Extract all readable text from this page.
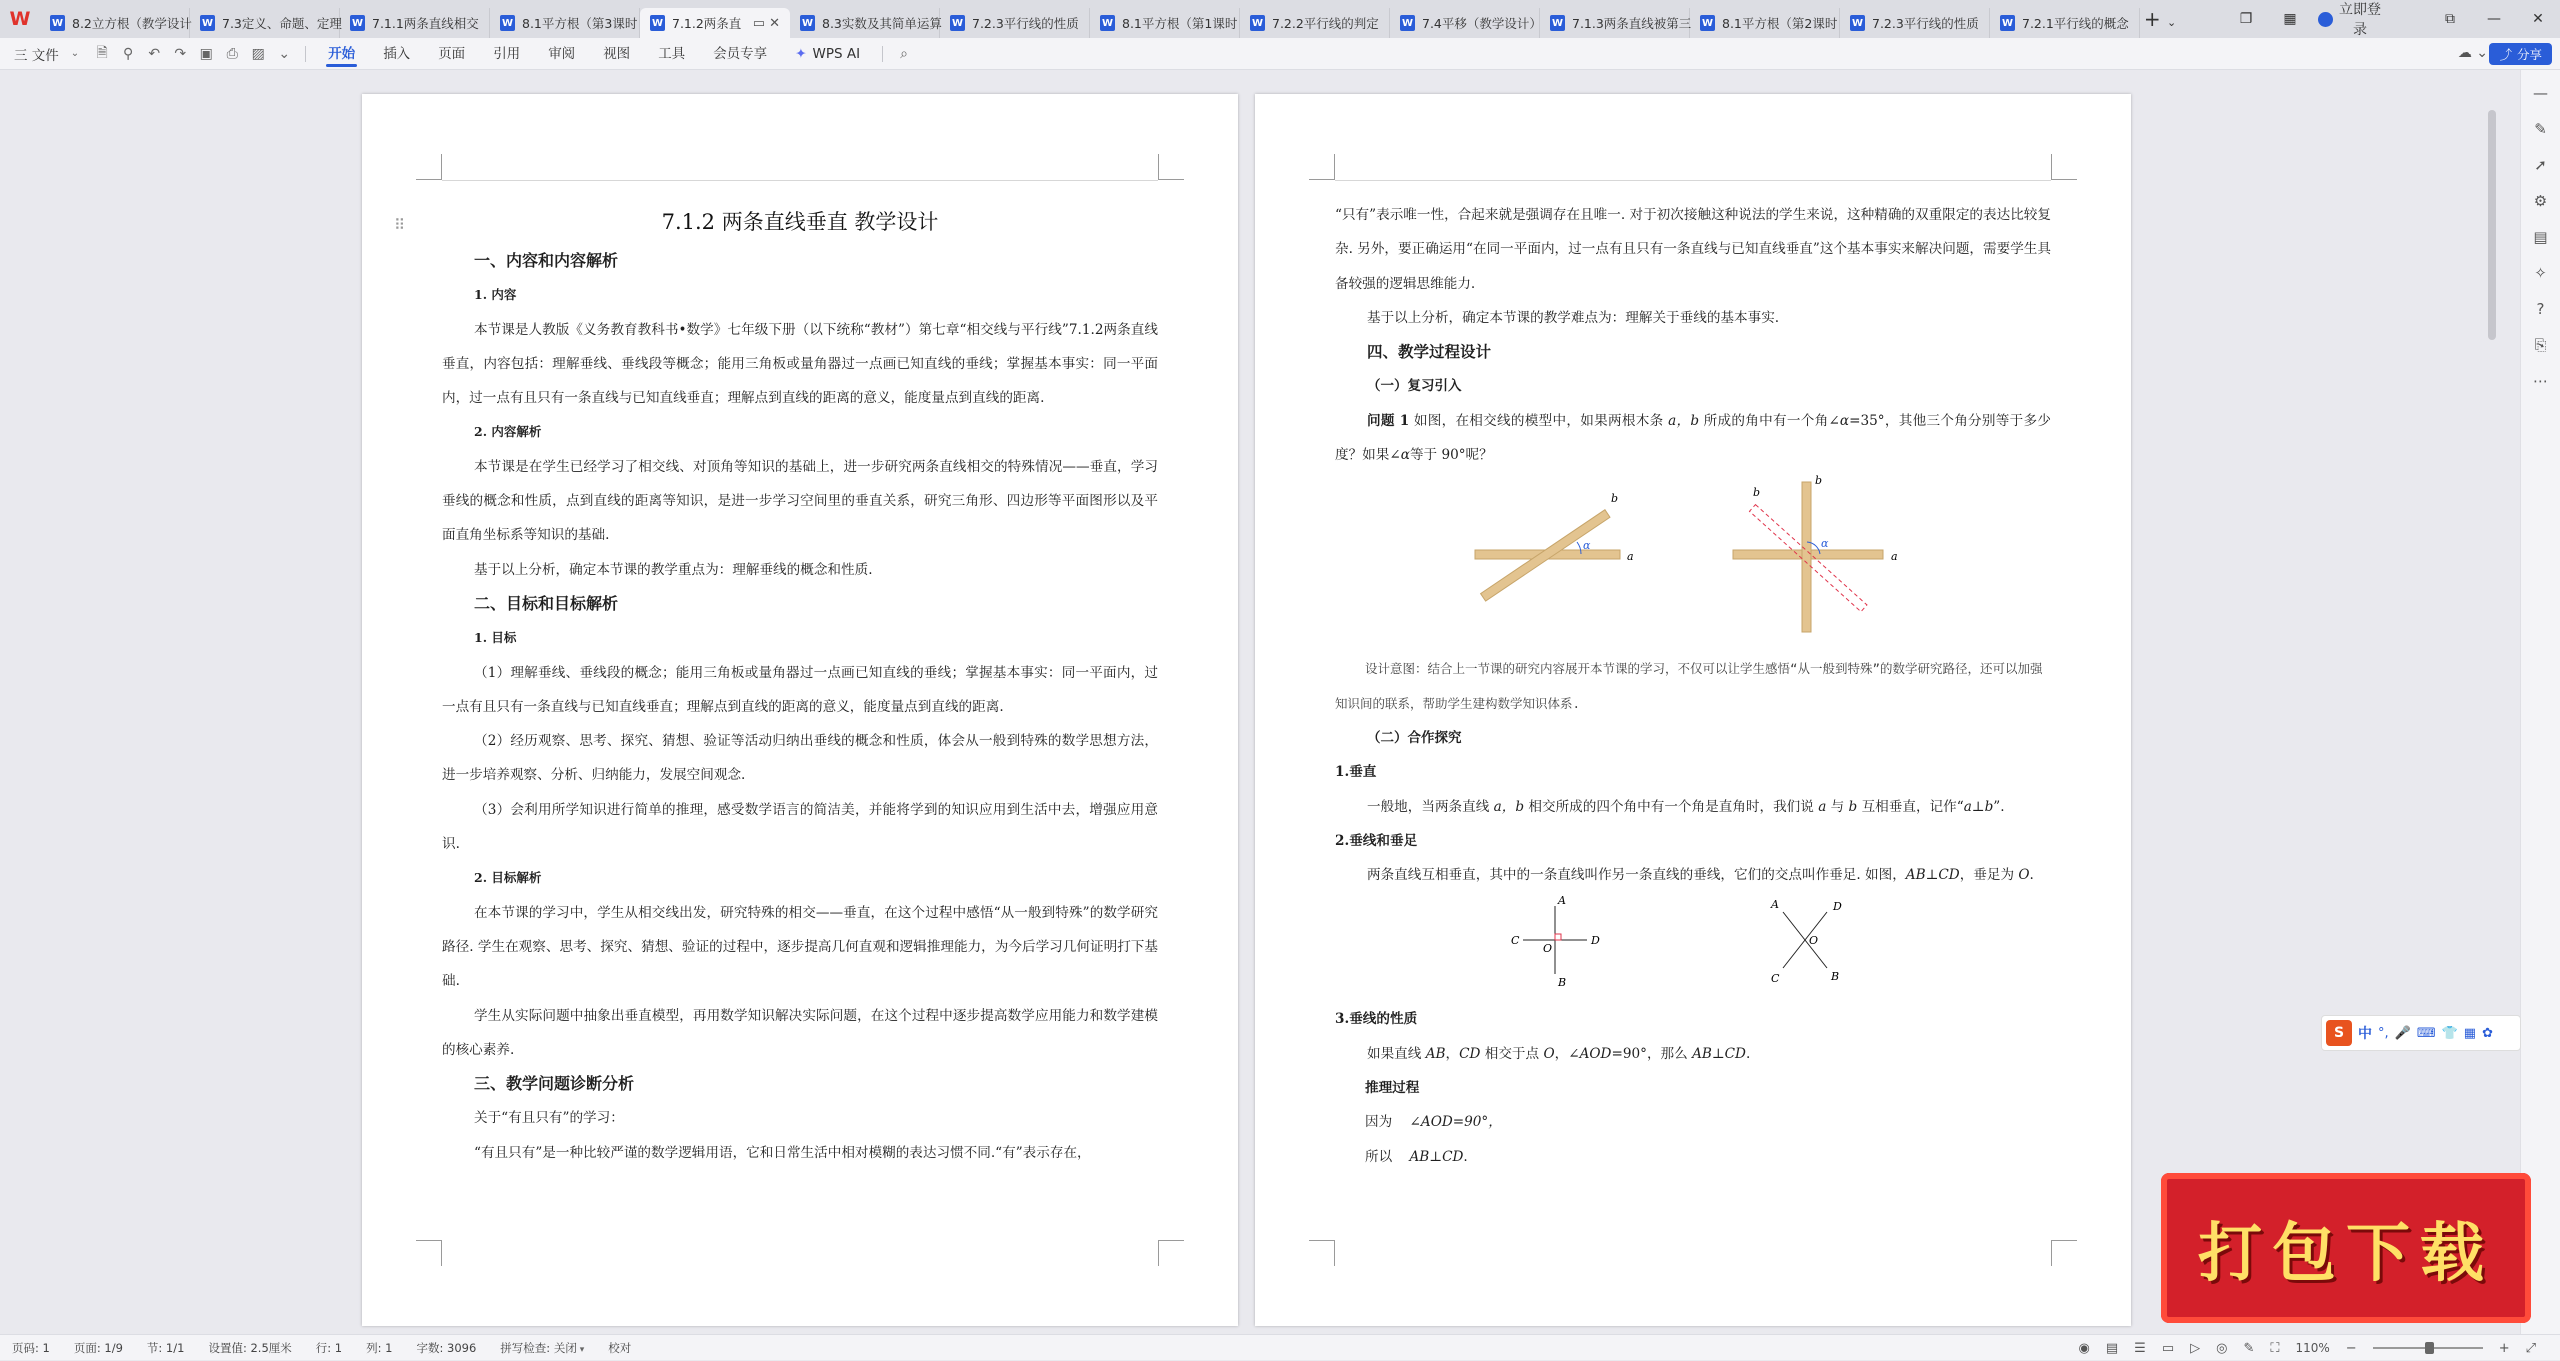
W	W 8.2立方根（教学设计 W 7.3定义、命题、定理 W 7.1.1两条直线相交 W 8.1平方根（第3课时 W 7.1.2两条直 ▭ ✕ W 8.3实数及其简单运算 W 7.2.3平行线的性质 W 8.1平方根（第1课时 W 7.2.2平行线的判定 W 7.4平移（教学设计） W 7.1.3两条直线被第三 W 8.1平方根（第2课时 W 7.2.3平行线的性质 W 7.2.1平行线的概念 + ⌄	❐	▦
立即登录
⧉	—	✕
三 文件 ⌄	🗎	⚲	↶	↷ ▣ ⎙ ▨ ⌄	开始	插入	页面	引用	审阅	视图	工具	会员专享	✦ WPS AI	⌕	☁ ⌄ ⤴ 分享
⠿	7.1.2 两条直线垂直 教学设计
一、内容和内容解析
1. 内容
本节课是人教版《义务教育教科书•数学》七年级下册（以下统称“教材”）第七章“相交线与平行线”7.1.2两条直线垂直，内容包括：理解垂线、垂线段等概念；能用三角板或量角器过一点画已知直线的垂线；掌握基本事实：同一平面内，过一点有且只有一条直线与已知直线垂直；理解点到直线的距离的意义，能度量点到直线的距离.
2. 内容解析
本节课是在学生已经学习了相交线、对顶角等知识的基础上，进一步研究两条直线相交的特殊情况——垂直，学习垂线的概念和性质，点到直线的距离等知识，是进一步学习空间里的垂直关系，研究三角形、四边形等平面图形以及平面直角坐标系等知识的基础.
基于以上分析，确定本节课的教学重点为：理解垂线的概念和性质.
二、目标和目标解析
1. 目标
（1）理解垂线、垂线段的概念；能用三角板或量角器过一点画已知直线的垂线；掌握基本事实：同一平面内，过一点有且只有一条直线与已知直线垂直；理解点到直线的距离的意义，能度量点到直线的距离.
（2）经历观察、思考、探究、猜想、验证等活动归纳出垂线的概念和性质，体会从一般到特殊的数学思想方法，进一步培养观察、分析、归纳能力，发展空间观念.
（3）会利用所学知识进行简单的推理，感受数学语言的简洁美，并能将学到的知识应用到生活中去，增强应用意识.
2. 目标解析
在本节课的学习中，学生从相交线出发，研究特殊的相交——垂直，在这个过程中感悟“从一般到特殊”的数学研究路径. 学生在观察、思考、探究、猜想、验证的过程中，逐步提高几何直观和逻辑推理能力，为今后学习几何证明打下基础.
学生从实际问题中抽象出垂直模型，再用数学知识解决实际问题，在这个过程中逐步提高数学应用能力和数学建模的核心素养.
三、教学问题诊断分析
关于“有且只有”的学习：
“有且只有”是一种比较严谨的数学逻辑用语，它和日常生活中相对模糊的表达习惯不同.“有”表示存在，
“只有”表示唯一性，合起来就是强调存在且唯一. 对于初次接触这种说法的学生来说，这种精确的双重限定的表达比较复杂. 另外，要正确运用“在同一平面内，过一点有且只有一条直线与已知直线垂直”这个基本事实来解决问题，需要学生具备较强的逻辑思维能力.
基于以上分析，确定本节课的教学难点为：理解关于垂线的基本事实.
四、教学过程设计
（一）复习引入
问题 1 如图，在相交线的模型中，如果两根木条 a，b 所成的角中有一个角∠α=35°，其他三个角分别等于多少度？如果∠α等于 90°呢？
α
a
b
α
a
b
b
设计意图：结合上一节课的研究内容展开本节课的学习，不仅可以让学生感悟“从一般到特殊”的数学研究路径，还可以加强知识间的联系，帮助学生建构数学知识体系.
（二）合作探究
1.垂直
一般地，当两条直线 a，b 相交所成的四个角中有一个角是直角时，我们说 a 与 b 互相垂直，记作“a⊥b”.
2.垂线和垂足
两条直线互相垂直，其中的一条直线叫作另一条直线的垂线，它们的交点叫作垂足. 如图，AB⊥CD，垂足为 O.
A
B
C	D
O
A
B
C
D
O
3.垂线的性质
如果直线 AB，CD 相交于点 O，∠AOD=90°，那么 AB⊥CD.
推理过程
因为 ∠AOD=90°，
所以 AB⊥CD.
—
✎
➚
⚙
▤
✧
?
⎘
⋯
S 中 °, 🎤 ⌨ 👕 ▦ ✿
打包下载
页码: 1	页面: 1/9	节: 1/1	设置值: 2.5厘米	行: 1	列: 1	字数: 3096	拼写检查: 关闭 ▾	校对	◉ ▤ ☰ ▭ ▷ ◎ ✎ ⛶ 110% −	+ ⤢
